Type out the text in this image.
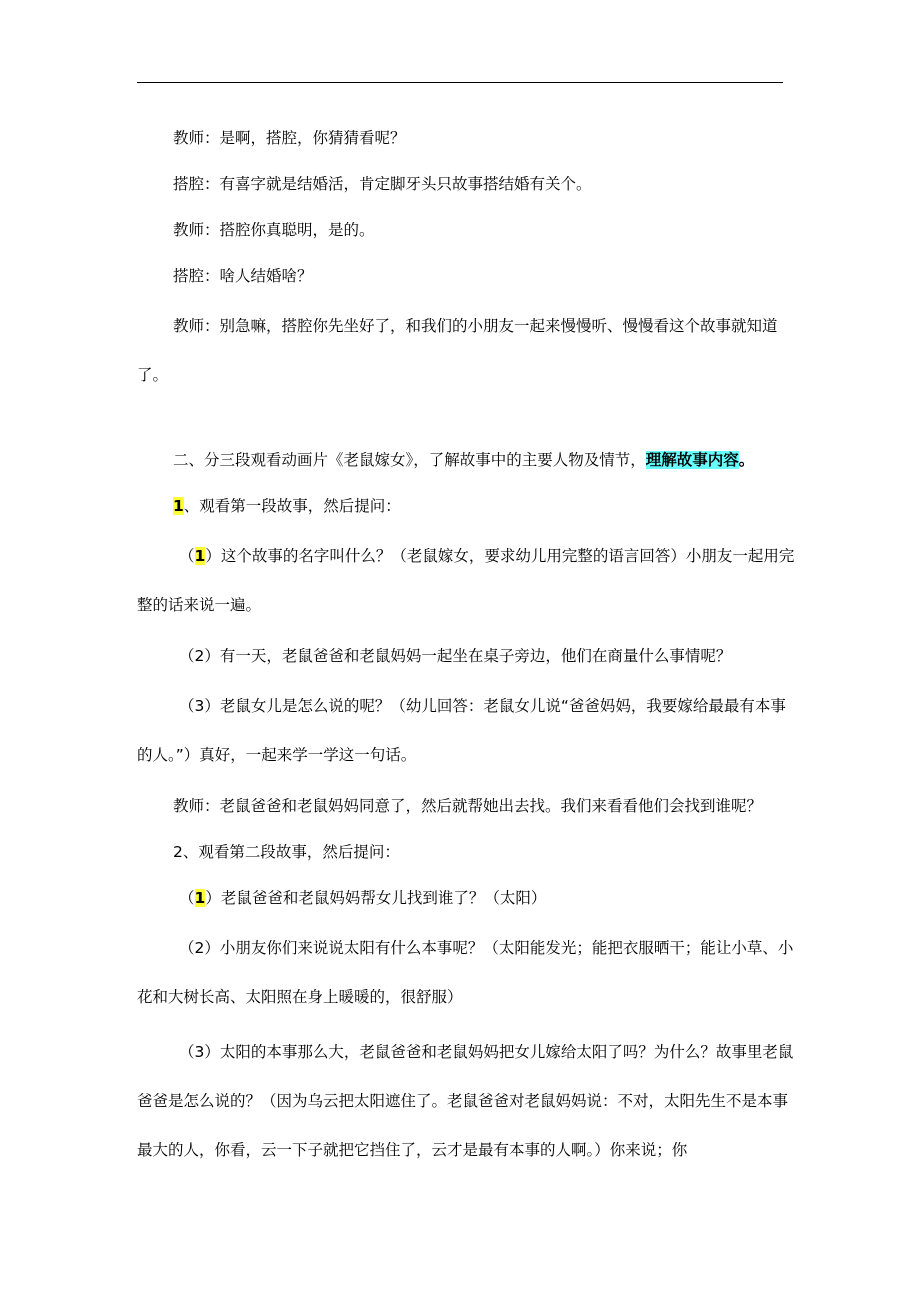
教师：是啊，搭腔，你猜猜看呢？

搭腔：有喜字就是结婚活，肯定脚牙头只故事搭结婚有关个。

教师：搭腔你真聪明，是的。

搭腔：啥人结婚啥？

教师：别急嘛，搭腔你先坐好了，和我们的小朋友一起来慢慢听、慢慢看这个故事就知道了。

二、分三段观看动画片《老鼠嫁女》，了解故事中的主要人物及情节，理解故事内容。

1、观看第一段故事，然后提问：

（1）这个故事的名字叫什么？（老鼠嫁女，要求幼儿用完整的语言回答）小朋友一起用完整的话来说一遍。

（2）有一天，老鼠爸爸和老鼠妈妈一起坐在桌子旁边，他们在商量什么事情呢？

（3）老鼠女儿是怎么说的呢？（幼儿回答：老鼠女儿说“爸爸妈妈，我要嫁给最最有本事的人。”）真好，一起来学一学这一句话。

教师：老鼠爸爸和老鼠妈妈同意了，然后就帮她出去找。我们来看看他们会找到谁呢？

2、观看第二段故事，然后提问：

（1）老鼠爸爸和老鼠妈妈帮女儿找到谁了？（太阳）

（2）小朋友你们来说说太阳有什么本事呢？（太阳能发光；能把衣服晒干；能让小草、小花和大树长高、太阳照在身上暖暖的，很舒服）

（3）太阳的本事那么大，老鼠爸爸和老鼠妈妈把女儿嫁给太阳了吗？为什么？故事里老鼠爸爸是怎么说的？（因为乌云把太阳遮住了。老鼠爸爸对老鼠妈妈说：不对，太阳先生不是本事最大的人，你看，云一下子就把它挡住了，云才是最有本事的人啊。）你来说；你
